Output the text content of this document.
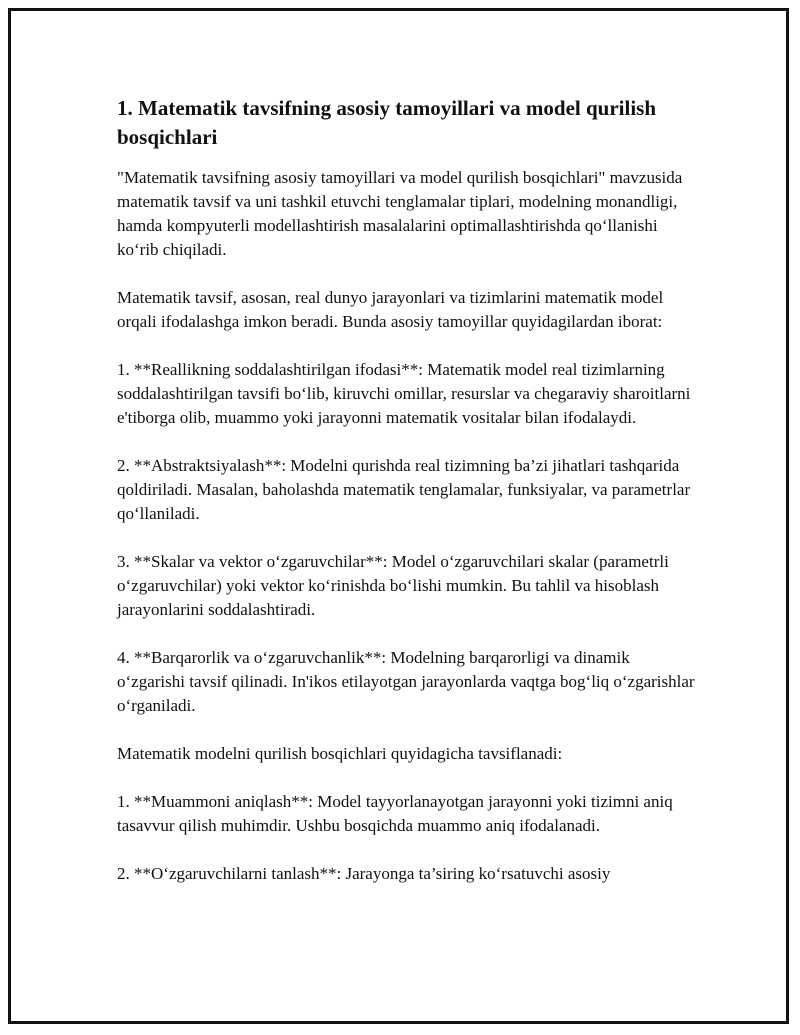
1. Matematik tavsifning asosiy tamoyillari va model qurilish bosqichlari

"Matematik tavsifning asosiy tamoyillari va model qurilish bosqichlari" mavzusida matematik tavsif va uni tashkil etuvchi tenglamalar tiplari, modelning monandligi, hamda kompyuterli modellashtirish masalalarini optimallashtirishda qo‘llanishi ko‘rib chiqiladi.

Matematik tavsif, asosan, real dunyo jarayonlari va tizimlarini matematik model orqali ifodalashga imkon beradi. Bunda asosiy tamoyillar quyidagilardan iborat:

1. **Reallikning soddalashtirilgan ifodasi**: Matematik model real tizimlarning soddalashtirilgan tavsifi bo‘lib, kiruvchi omillar, resurslar va chegaraviy sharoitlarni e'tiborga olib, muammo yoki jarayonni matematik vositalar bilan ifodalaydi.

2. **Abstraktsiyalash**: Modelni qurishda real tizimning ba’zi jihatlari tashqarida qoldiriladi. Masalan, baholashda matematik tenglamalar, funksiyalar, va parametrlar qo‘llaniladi.

3. **Skalar va vektor o‘zgaruvchilar**: Model o‘zgaruvchilari skalar (parametrli o‘zgaruvchilar) yoki vektor ko‘rinishda bo‘lishi mumkin. Bu tahlil va hisoblash jarayonlarini soddalashtiradi.

4. **Barqarorlik va o‘zgaruvchanlik**: Modelning barqarorligi va dinamik o‘zgarishi tavsif qilinadi. In'ikos etilayotgan jarayonlarda vaqtga bog‘liq o‘zgarishlar o‘rganiladi.

Matematik modelni qurilish bosqichlari quyidagicha tavsiflanadi:

1. **Muammoni aniqlash**: Model tayyorlanayotgan jarayonni yoki tizimni aniq tasavvur qilish muhimdir. Ushbu bosqichda muammo aniq ifodalanadi.

2. **O‘zgaruvchilarni tanlash**: Jarayonga ta’siring ko‘rsatuvchi asosiy
